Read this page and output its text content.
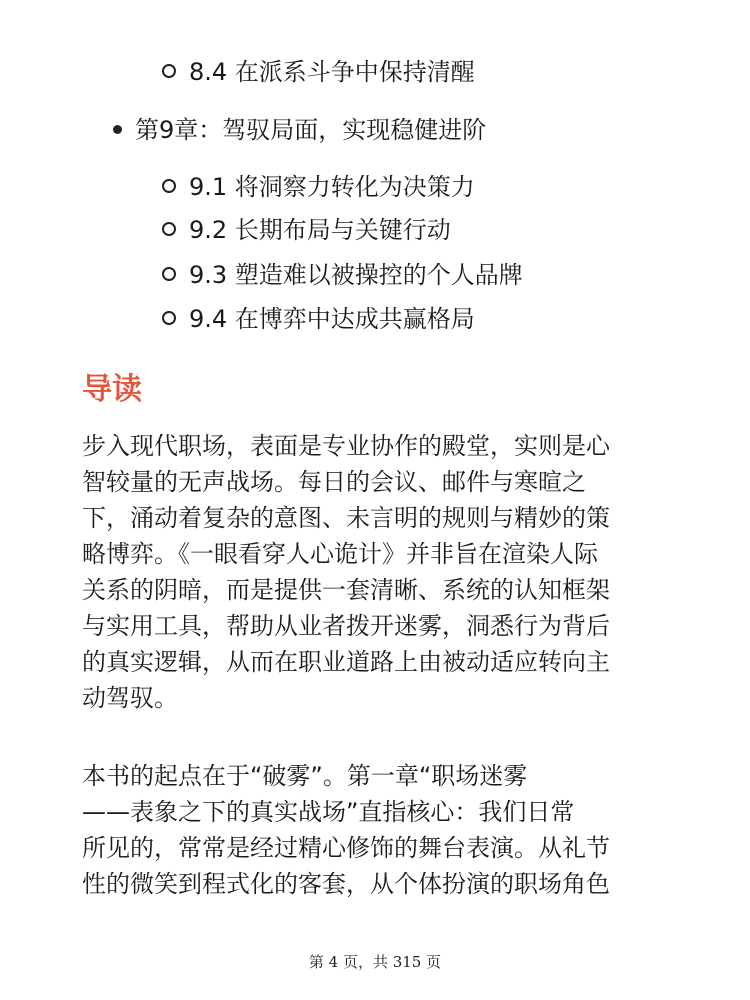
8.4 在派系斗争中保持清醒
第9章：驾驭局面，实现稳健进阶
9.1 将洞察力转化为决策力
9.2 长期布局与关键行动
9.3 塑造难以被操控的个人品牌
9.4 在博弈中达成共赢格局
导读
步入现代职场，表面是专业协作的殿堂，实则是心
智较量的无声战场。每日的会议、邮件与寒暄之
下，涌动着复杂的意图、未言明的规则与精妙的策
略博弈。《一眼看穿人心诡计》并非旨在渲染人际
关系的阴暗，而是提供一套清晰、系统的认知框架
与实用工具，帮助从业者拨开迷雾，洞悉行为背后
的真实逻辑，从而在职业道路上由被动适应转向主
动驾驭。
本书的起点在于“破雾”。第一章“职场迷雾
——表象之下的真实战场”直指核心：我们日常
所见的，常常是经过精心修饰的舞台表演。从礼节
性的微笑到程式化的客套，从个体扮演的职场角色
第 4 页，共 315 页
